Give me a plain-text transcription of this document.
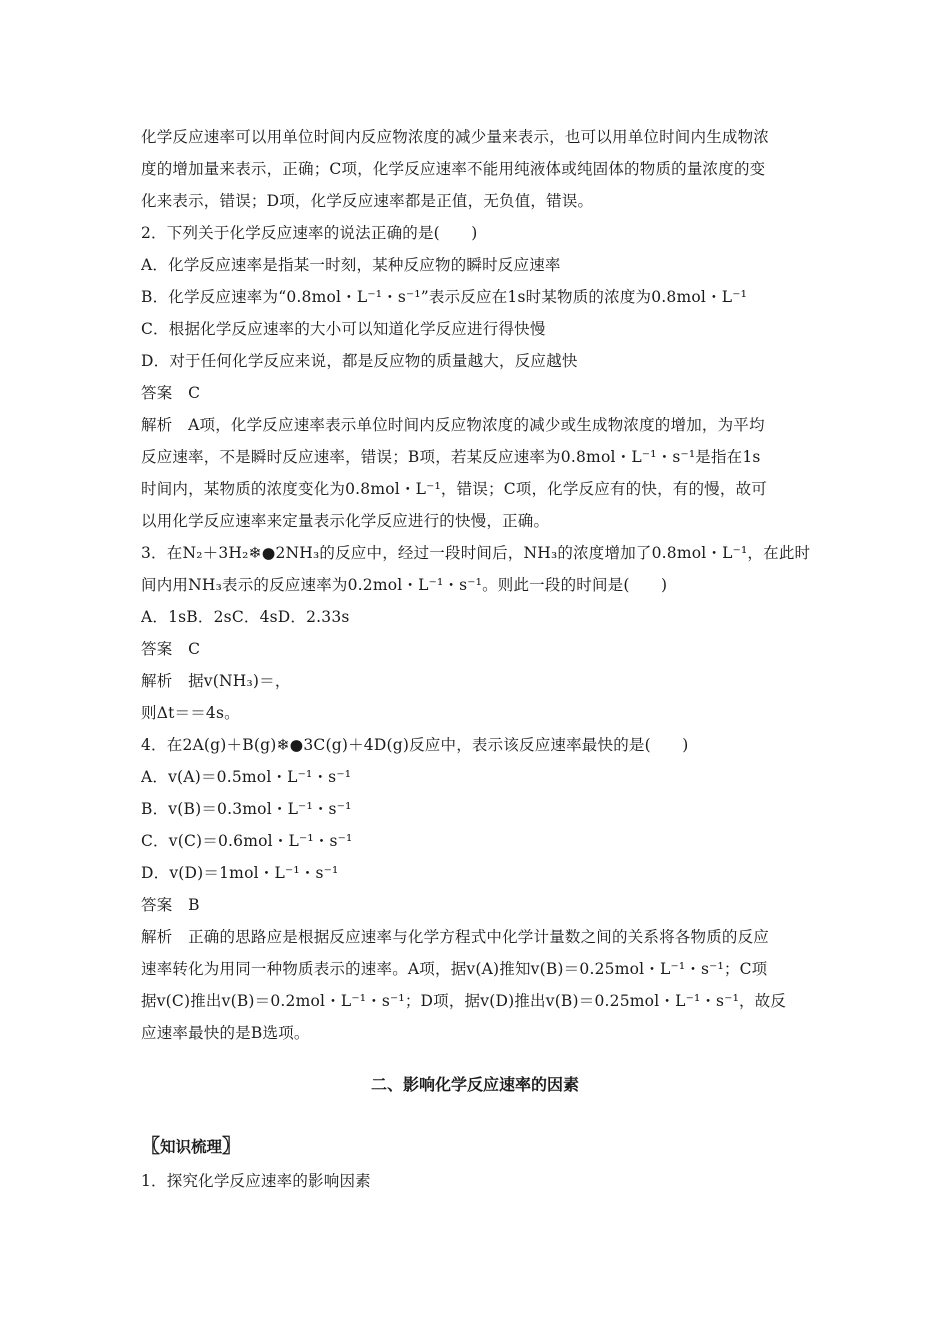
化学反应速率可以用单位时间内反应物浓度的减少量来表示，也可以用单位时间内生成物浓
度的增加量来表示，正确；C项，化学反应速率不能用纯液体或纯固体的物质的量浓度的变
化来表示，错误；D项，化学反应速率都是正值，无负值，错误。
2．下列关于化学反应速率的说法正确的是(　　)
A．化学反应速率是指某一时刻，某种反应物的瞬时反应速率
B．化学反应速率为“0.8mol・L⁻¹・s⁻¹”表示反应在1s时某物质的浓度为0.8mol・L⁻¹
C．根据化学反应速率的大小可以知道化学反应进行得快慢
D．对于任何化学反应来说，都是反应物的质量越大，反应越快
答案　C
解析　A项，化学反应速率表示单位时间内反应物浓度的减少或生成物浓度的增加，为平均
反应速率，不是瞬时反应速率，错误；B项，若某反应速率为0.8mol・L⁻¹・s⁻¹是指在1s
时间内，某物质的浓度变化为0.8mol・L⁻¹，错误；C项，化学反应有的快，有的慢，故可
以用化学反应速率来定量表示化学反应进行的快慢，正确。
3．在N₂＋3H₂❄●2NH₃的反应中，经过一段时间后，NH₃的浓度增加了0.8mol・L⁻¹，在此时
间内用NH₃表示的反应速率为0.2mol・L⁻¹・s⁻¹。则此一段的时间是(　　)
A．1sB．2sC．4sD．2.33s
答案　C
解析　据v(NH₃)＝，
则Δt＝＝4s。
4．在2A(g)＋B(g)❄●3C(g)＋4D(g)反应中，表示该反应速率最快的是(　　)
A．v(A)＝0.5mol・L⁻¹・s⁻¹
B．v(B)＝0.3mol・L⁻¹・s⁻¹
C．v(C)＝0.6mol・L⁻¹・s⁻¹
D．v(D)＝1mol・L⁻¹・s⁻¹
答案　B
解析　正确的思路应是根据反应速率与化学方程式中化学计量数之间的关系将各物质的反应
速率转化为用同一种物质表示的速率。A项，据v(A)推知v(B)＝0.25mol・L⁻¹・s⁻¹；C项
据v(C)推出v(B)＝0.2mol・L⁻¹・s⁻¹；D项，据v(D)推出v(B)＝0.25mol・L⁻¹・s⁻¹，故反
应速率最快的是B选项。
二、影响化学反应速率的因素
〖知识梳理〗
1．探究化学反应速率的影响因素
